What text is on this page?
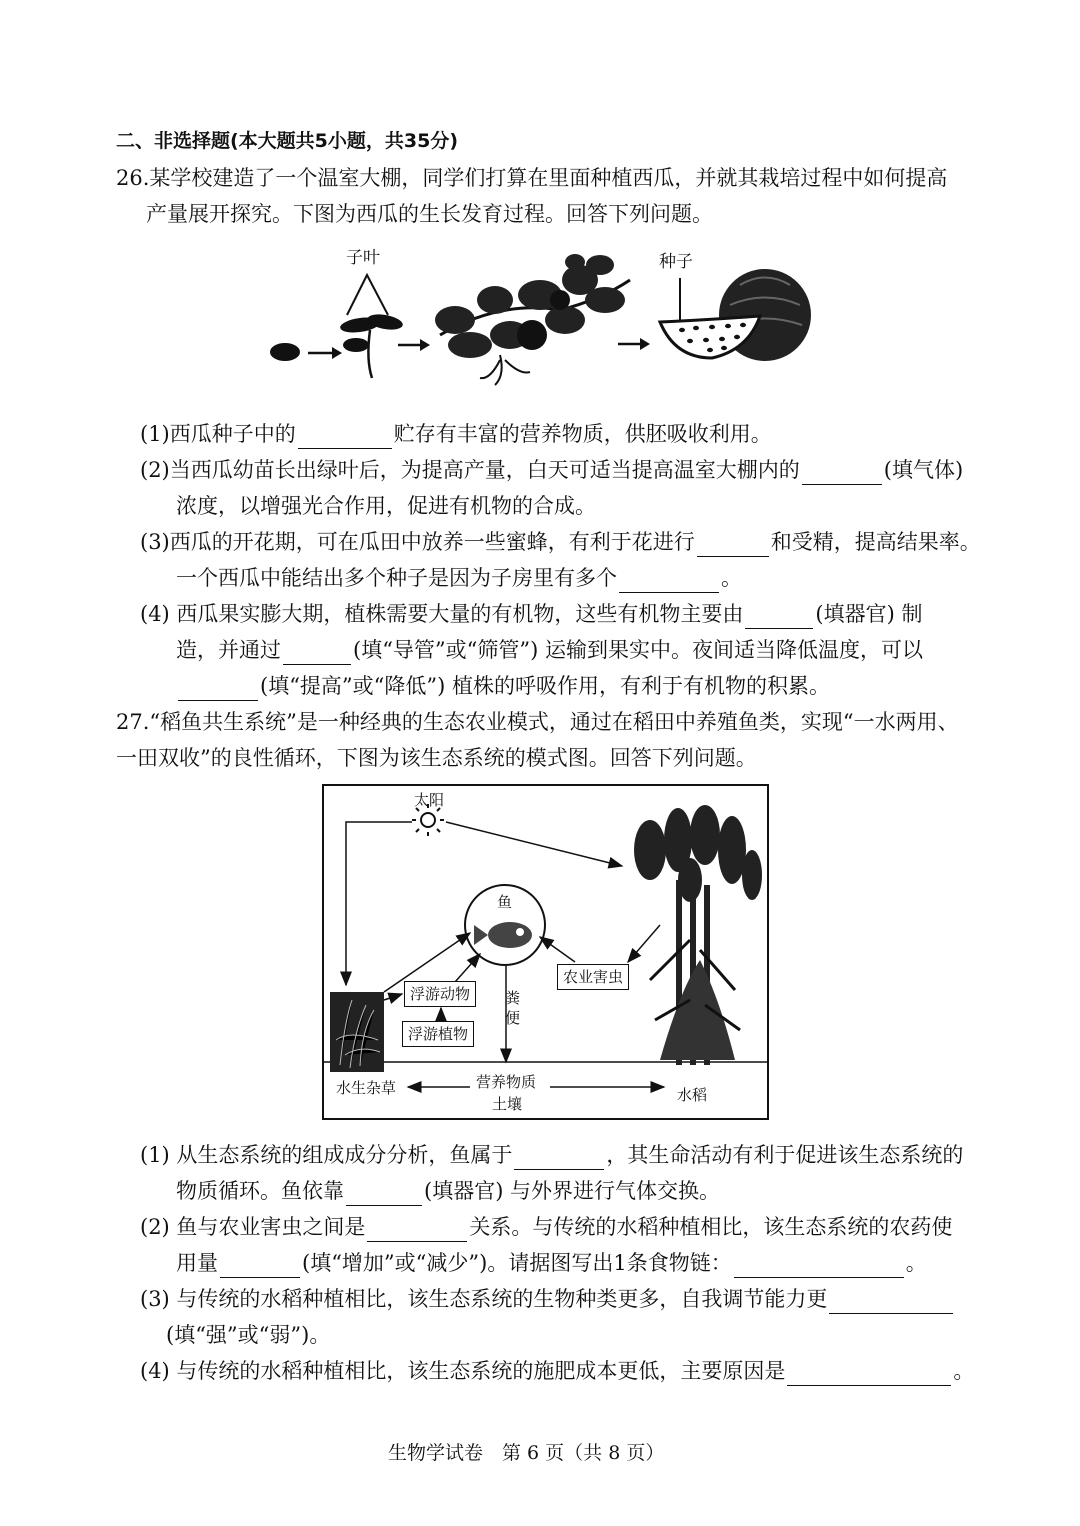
二、非选择题(本大题共5小题，共35分)
26.某学校建造了一个温室大棚，同学们打算在里面种植西瓜，并就其栽培过程中如何提高
产量展开探究。下图为西瓜的生长发育过程。回答下列问题。
子叶	种子
(1)西瓜种子中的	贮存有丰富的营养物质，供胚吸收利用。
(2)当西瓜幼苗长出绿叶后，为提高产量，白天可适当提高温室大棚内的	(填气体)
浓度，以增强光合作用，促进有机物的合成。
(3)西瓜的开花期，可在瓜田中放养一些蜜蜂，有利于花进行	和受精，提高结果率。
一个西瓜中能结出多个种子是因为子房里有多个	。
(4) 西瓜果实膨大期，植株需要大量的有机物，这些有机物主要由	(填器官) 制
造，并通过	(填“导管”或“筛管”) 运输到果实中。夜间适当降低温度，可以
(填“提高”或“降低”) 植株的呼吸作用，有利于有机物的积累。
27.“稻鱼共生系统”是一种经典的生态农业模式，通过在稻田中养殖鱼类，实现“一水两用、
一田双收”的良性循环，下图为该生态系统的模式图。回答下列问题。
太阳
鱼
浮游动物
浮游植物
农业害虫
粪便
水生杂草	营养物质
土壤	水稻
(1) 从生态系统的组成成分分析，鱼属于	，其生命活动有利于促进该生态系统的
物质循环。鱼依靠	(填器官) 与外界进行气体交换。
(2) 鱼与农业害虫之间是	关系。与传统的水稻种植相比，该生态系统的农药使
用量	(填“增加”或“减少”)。请据图写出1条食物链：	。
(3) 与传统的水稻种植相比，该生态系统的生物种类更多，自我调节能力更
(填“强”或“弱”)。
(4) 与传统的水稻种植相比，该生态系统的施肥成本更低，主要原因是	。
生物学试卷　第 6 页（共 8 页）
